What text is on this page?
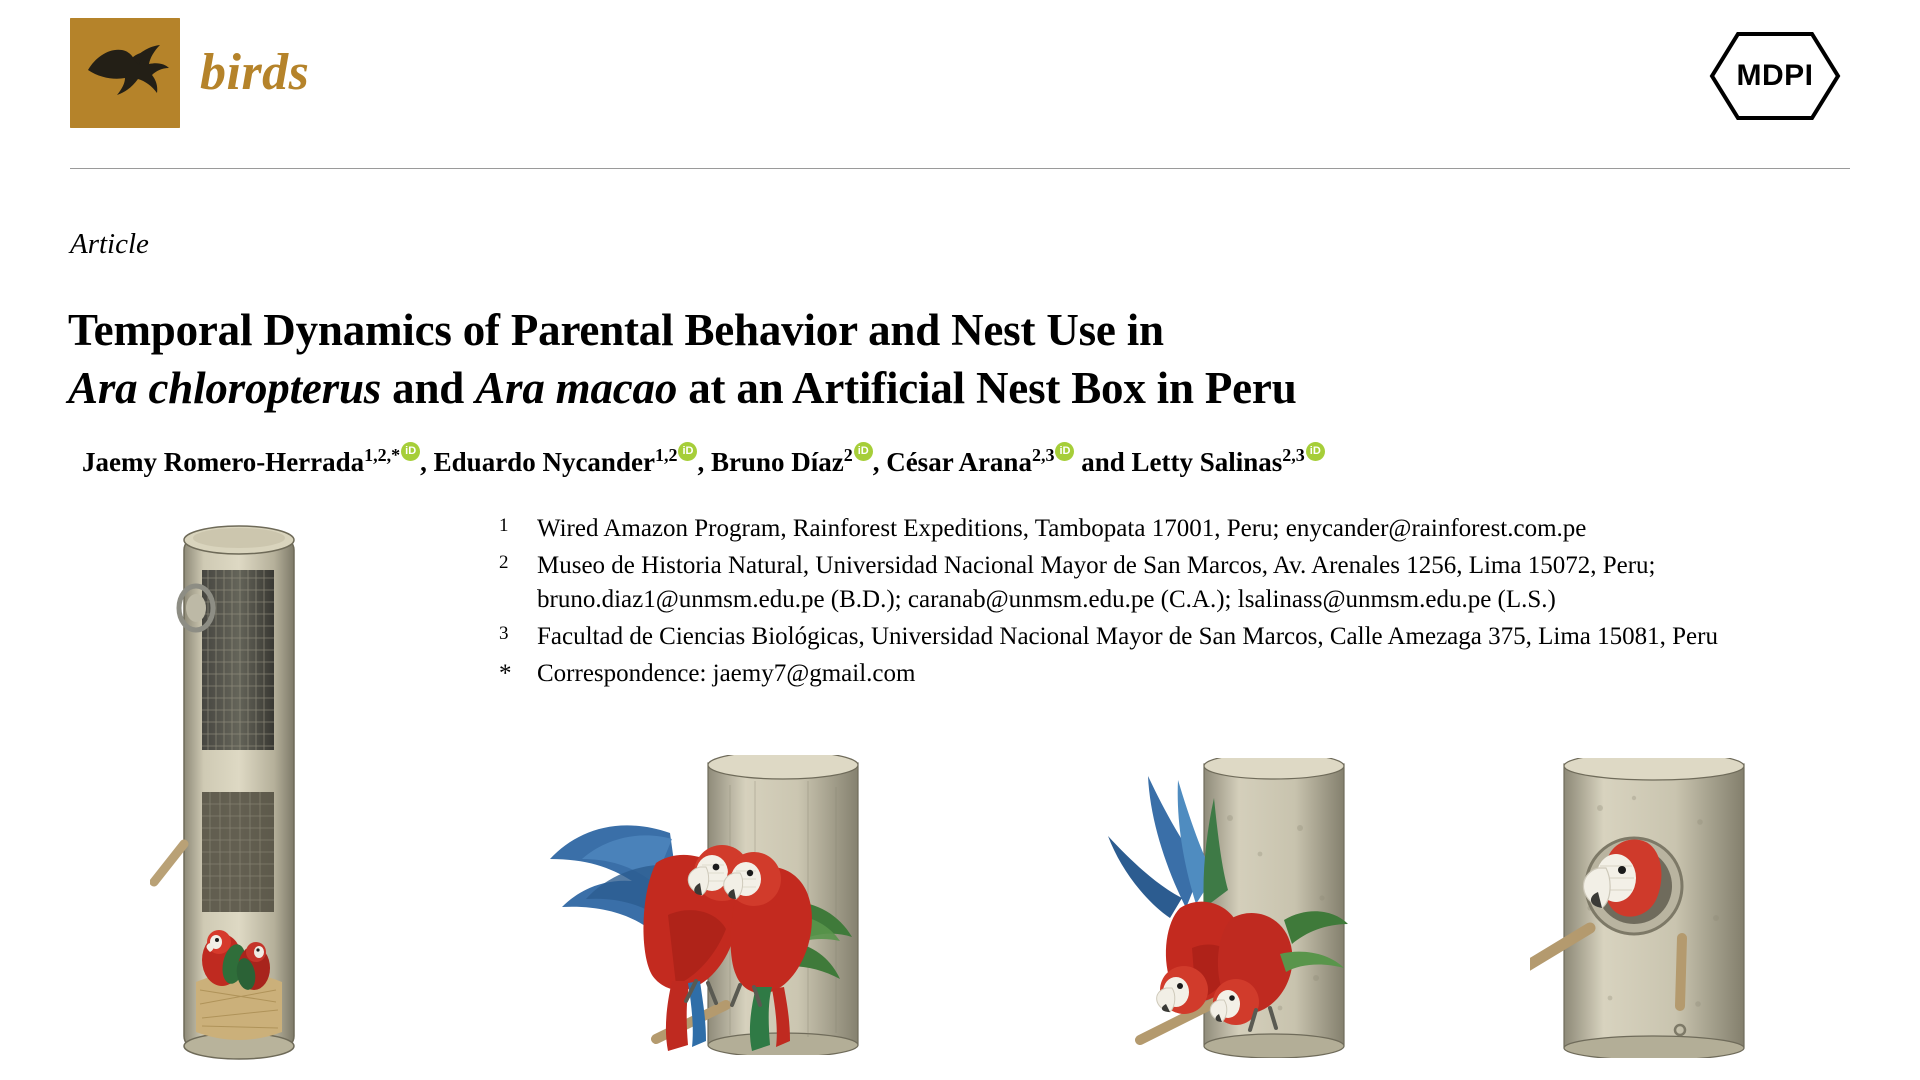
birds	MDPI
Article
Temporal Dynamics of Parental Behavior and Nest Use in
Ara chloropterus and Ara macao at an Artificial Nest Box in Peru
Jaemy Romero-Herrada$^{1,2,*}$ iD , Eduardo Nycander$^{1,2}$ iD , Bruno Díaz$^2$ iD , César Arana$^{2,3}$iD and Letty Salinas$^{2,3}$iD
1	Wired Amazon Program, Rainforest Expeditions, Tambopata 17001, Peru; enycander@rainforest.com.pe
2	Museo de Historia Natural, Universidad Nacional Mayor de San Marcos, Av. Arenales 1256, Lima 15072, Peru; bruno.diaz1@unmsm.edu.pe (B.D.); caranab@unmsm.edu.pe (C.A.); lsalinass@unmsm.edu.pe (L.S.)
3	Facultad de Ciencias Biológicas, Universidad Nacional Mayor de San Marcos, Calle Amezaga 375, Lima 15081, Peru
*	Correspondence: jaemy7@gmail.com
